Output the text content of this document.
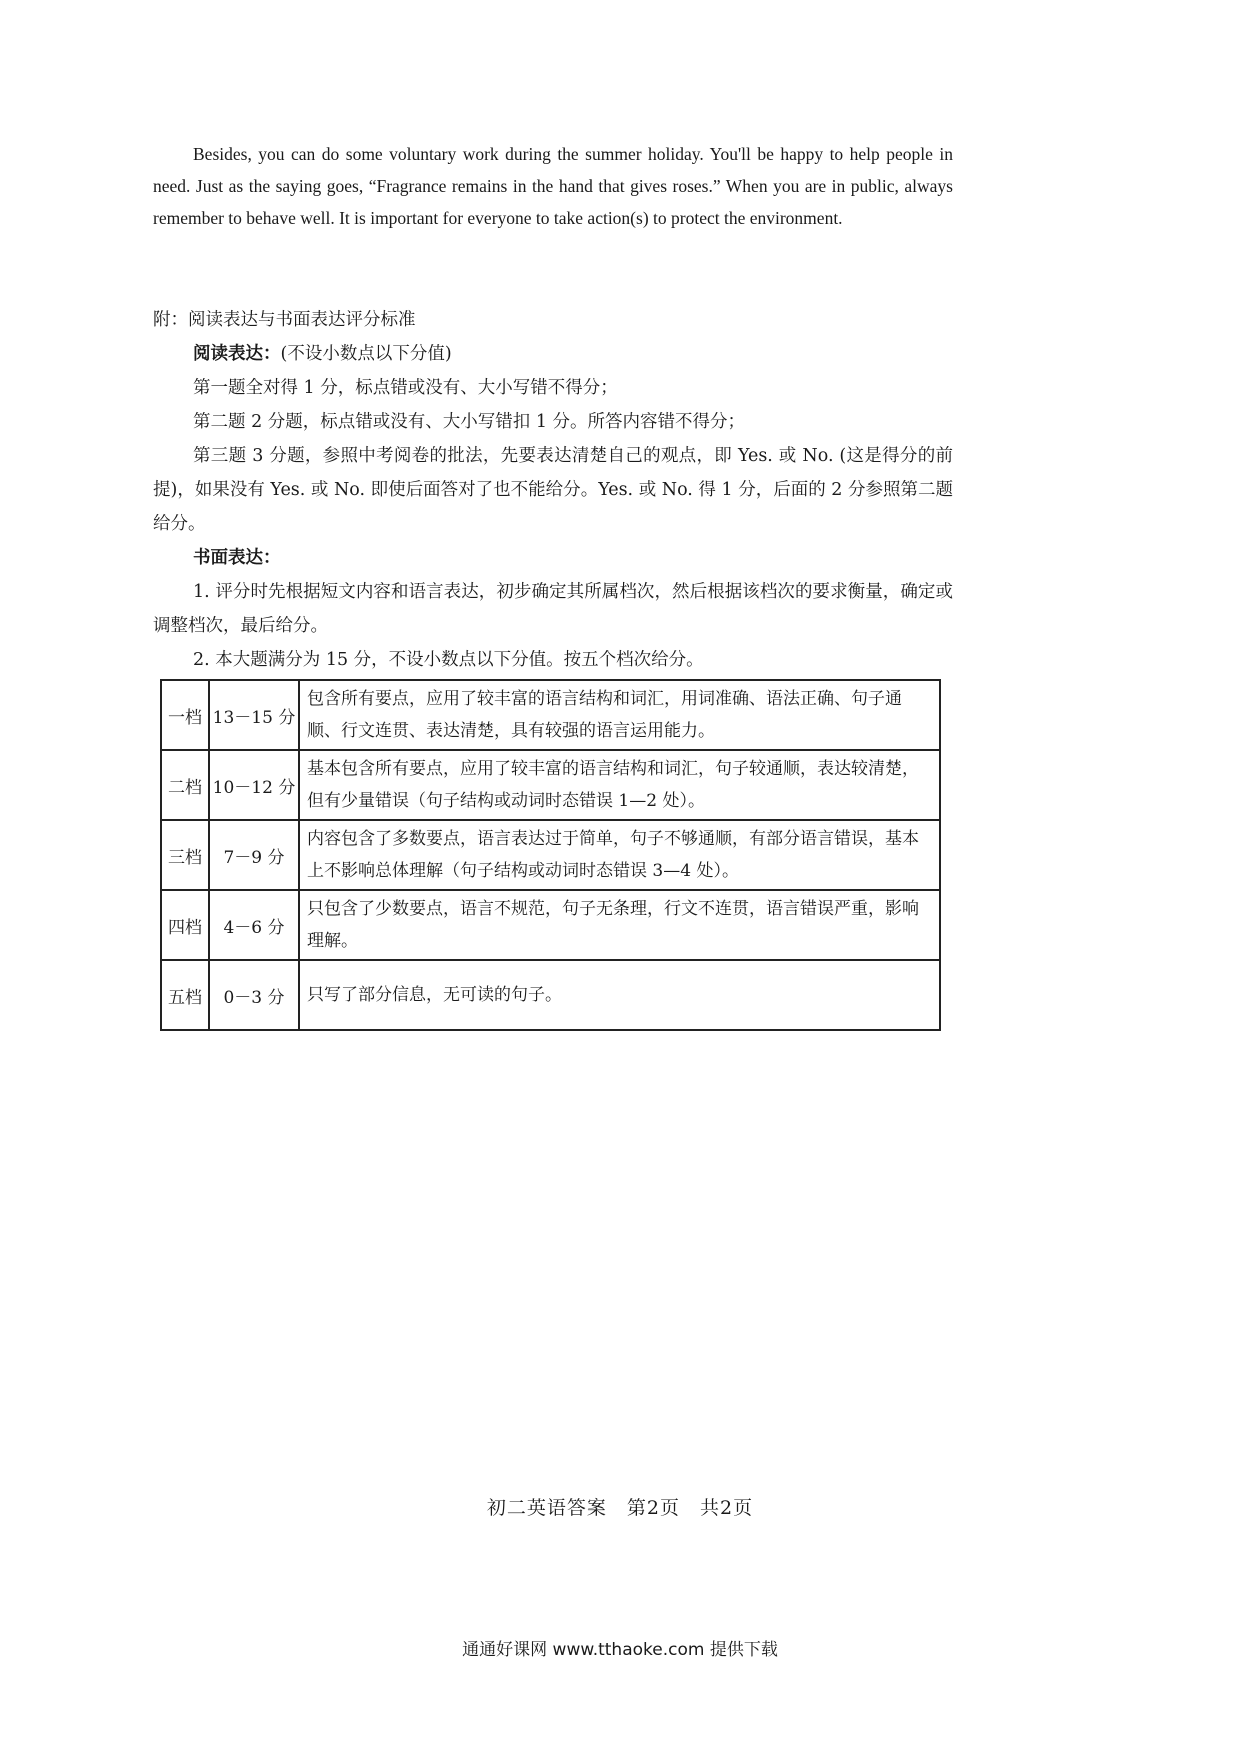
Besides, you can do some voluntary work during the summer holiday. You'll be happy to help people in need. Just as the saying goes, “Fragrance remains in the hand that gives roses.” When you are in public, always remember to behave well. It is important for everyone to take action(s) to protect the environment.

附：阅读表达与书面表达评分标准

阅读表达：(不设小数点以下分值)

第一题全对得 1 分，标点错或没有、大小写错不得分；

第二题 2 分题，标点错或没有、大小写错扣 1 分。所答内容错不得分；

第三题 3 分题，参照中考阅卷的批法，先要表达清楚自己的观点，即 Yes. 或 No. (这是得分的前提)，如果没有 Yes. 或 No. 即使后面答对了也不能给分。Yes. 或 No. 得 1 分，后面的 2 分参照第二题给分。

书面表达：

1. 评分时先根据短文内容和语言表达，初步确定其所属档次，然后根据该档次的要求衡量，确定或调整档次，最后给分。

2. 本大题满分为 15 分，不设小数点以下分值。按五个档次给分。

一档	13－15 分	包含所有要点，应用了较丰富的语言结构和词汇，用词准确、语法正确、句子通顺、行文连贯、表达清楚，具有较强的语言运用能力。
二档	10－12 分	基本包含所有要点，应用了较丰富的语言结构和词汇，句子较通顺，表达较清楚，但有少量错误（句子结构或动词时态错误 1—2 处）。
三档	7－9 分	内容包含了多数要点，语言表达过于简单，句子不够通顺，有部分语言错误，基本上不影响总体理解（句子结构或动词时态错误 3—4 处）。
四档	4－6 分	只包含了少数要点，语言不规范，句子无条理，行文不连贯，语言错误严重，影响理解。
五档	0－3 分	只写了部分信息，无可读的句子。
初二英语答案　第2页　共2页
通通好课网 www.tthaoke.com 提供下载
